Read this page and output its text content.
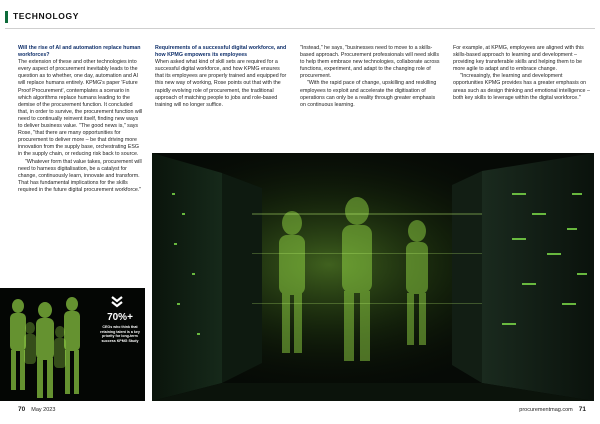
TECHNOLOGY
Will the rise of AI and automation replace human workforces?

The extension of these and other technologies into every aspect of procurement inevitably leads to the question as to whether, one day, automation and AI will replace humans entirely. KPMG's paper 'Future Proof Procurement', contemplates a scenario in which algorithms replace humans leading to the demise of the procurement function. It concluded that, in order to survive, the procurement function will need to continually reinvent itself, finding new ways to deliver business value. "The good news is," says Rose, "that there are many opportunities for procurement to deliver more – be that driving more innovation from the supply base, orchestrating ESG in the supply chain, or reducing risk back to source.

"Whatever form that value takes, procurement will need to harness digitalisation, be a catalyst for change, continuously learn, innovate and transform. That has fundamental implications for the skills required in the future digital procurement workforce."

Requirements of a successful digital workforce, and how KPMG empowers its employees

When asked what kind of skill sets are required for a successful digital workforce, and how KPMG ensures that its employees are properly trained and equipped for this new way of working, Rose points out that with the rapidly evolving role of procurement, the traditional approach of matching people to jobs and role-based training will no longer suffice.

"Instead," he says, "businesses need to move to a skills-based approach. Procurement professionals will need skills to help them embrace new technologies, collaborate across functions, experiment, and adapt to the changing role of procurement.

"With the rapid pace of change, upskilling and reskilling employees to exploit and accelerate the digitisation of operations can only be a reality through greater emphasis on continuous learning.

For example, at KPMG, employees are aligned with this skills-based approach to learning and development – providing key transferable skills and helping them to be more agile to adapt and to embrace change.

"Increasingly, the learning and development opportunities KPMG provides has a greater emphasis on areas such as design thinking and emotional intelligence – both key skills to leverage within the digital workforce."

70%+
CEOs who think that retaining talent is a key priority for long-term success KPMG Study
70 May 2023	procurementmag.com 71
